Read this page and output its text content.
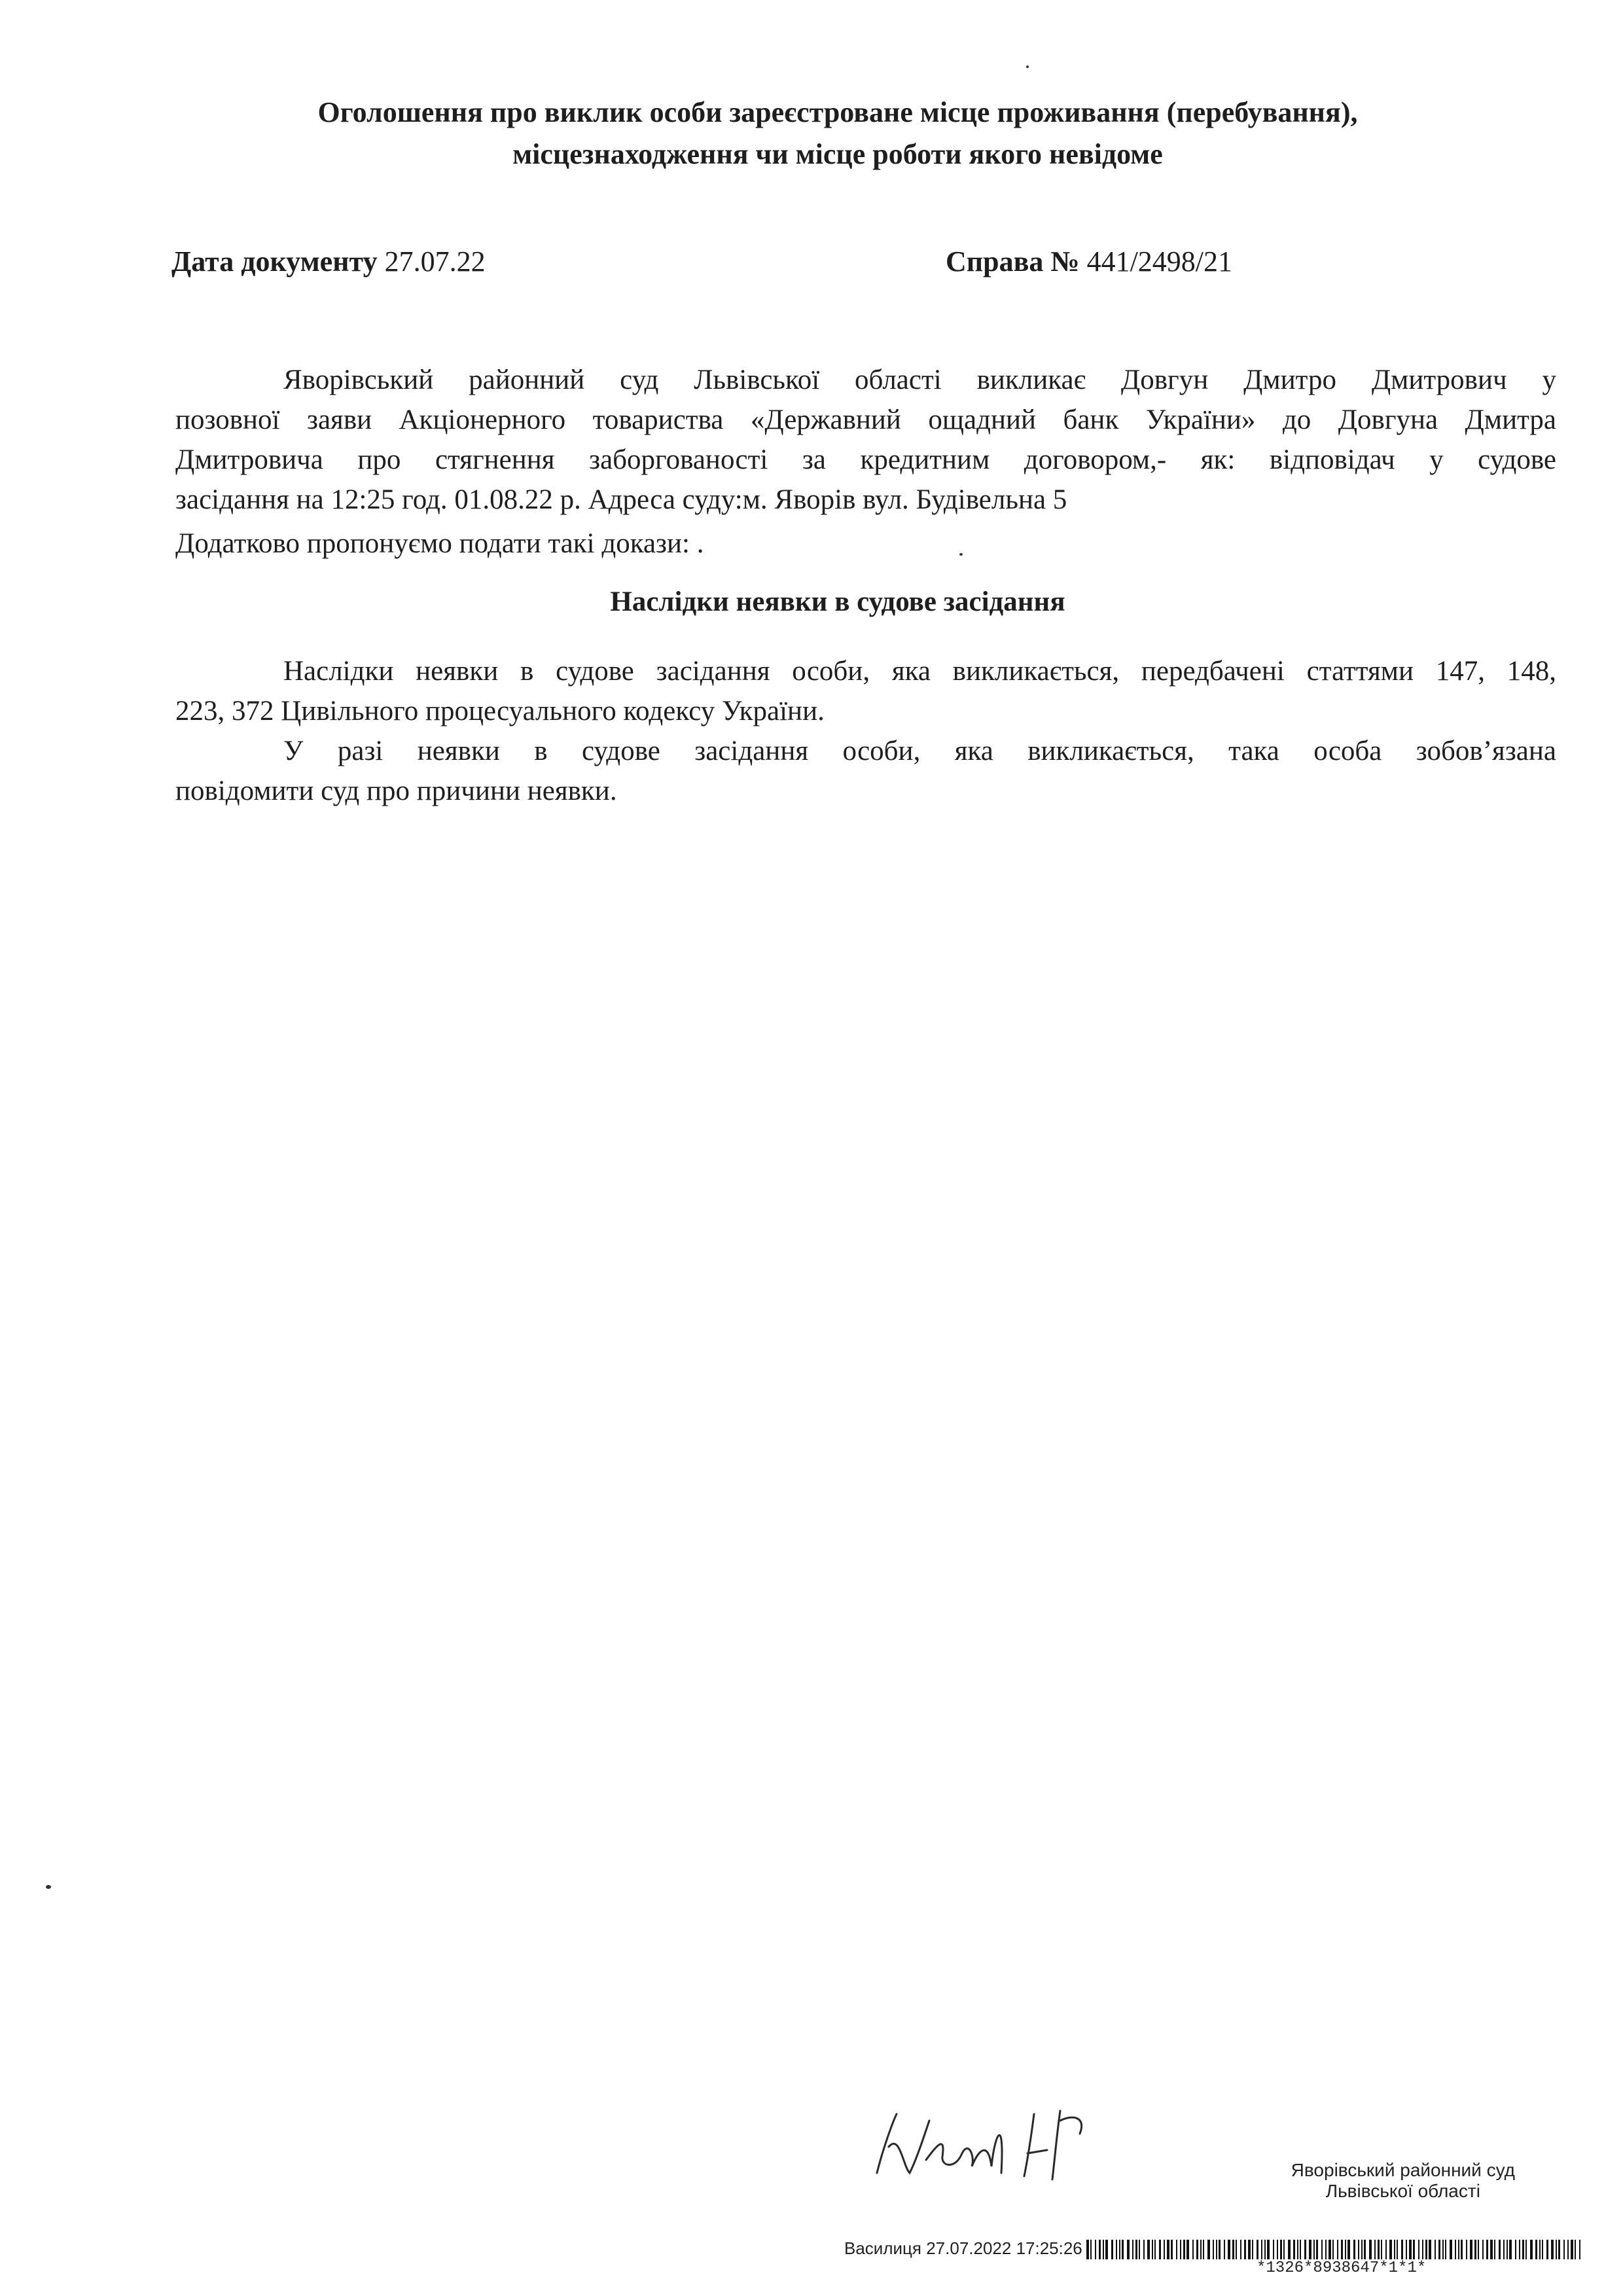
Оголошення про виклик особи зареєстроване місце проживання (перебування),
місцезнаходження чи місце роботи якого невідоме
Дата документу 27.07.22	Справа № 441/2498/21
Яворівський районний суд Львівської області викликає Довгун Дмитро Дмитрович у
позовної заяви Акціонерного товариства «Державний ощадний банк України» до Довгуна Дмитра
Дмитровича про стягнення заборгованості за кредитним договором,- як: відповідач у судове
засідання на 12:25 год. 01.08.22 р. Адреса суду:м. Яворів вул. Будівельна 5
Додатково пропонуємо подати такі докази: .
Наслідки неявки в судове засідання
Наслідки неявки в судове засідання особи, яка викликається, передбачені статтями 147, 148,
223, 372 Цивільного процесуального кодексу України.
У разі неявки в судове засідання особи, яка викликається, така особа зобов’язана
повідомити суд про причини неявки.
Яворівський районний суд
Львівської області
Василиця 27.07.2022 17:25:26
*1326*8938647*1*1*
